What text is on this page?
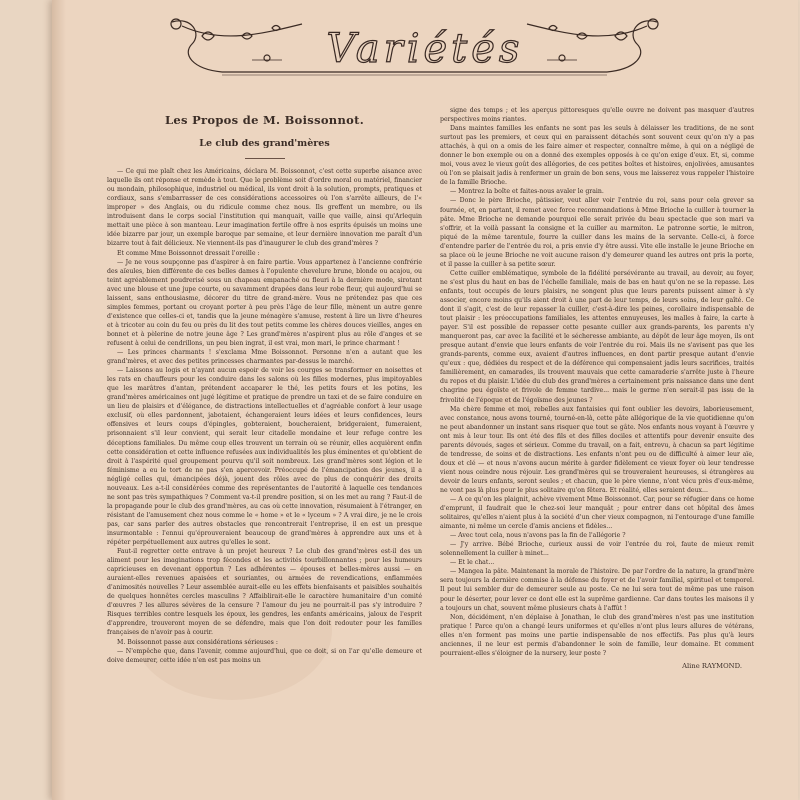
Variétés
Les Propos de M. Boissonnot.
Le club des grand'mères

— Ce qui me plaît chez les Américains, déclara M. Boissonnot, c'est cette superbe aisance avec laquelle ils ont réponse et remède à tout. Que le problème soit d'ordre moral ou matériel, financier ou mondain, philosophique, industriel ou médical, ils vont droit à la solution, prompts, pratiques et cordiaux, sans s'embarrasser de ces considérations accessoires où l'on s'arrête ailleurs, de l'« improper » des Anglais, ou du ridicule comme chez nous. Ils greffent un membre, ou ils introduisent dans le corps social l'institution qui manquait, vaille que vaille, ainsi qu'Arlequin mettait une pièce à son manteau. Leur imagination fertile offre à nos esprits épuisés un moins une idée bizarre par jour, un exemple baroque par semaine, et leur dernière innovation me paraît d'un bizarre tout à fait délicieux. Ne viennent-ils pas d'inaugurer le club des grand'mères ?

Et comme Mme Boissonnot dressait l'oreille :

— Je ne vous soupçonne pas d'aspirer à en faire partie. Vous appartenez à l'ancienne confrérie des aïeules, bien différente de ces belles dames à l'opulente chevelure brune, blonde ou acajou, ou teint agréablement poudrerisé sous un chapeau empanaché ou fleuri à la dernière mode, sirotant avec une blouse et une jupe courte, ou savamment drapées dans leur robe fleur, qui aujourd'hui se laissent, sans enthousiasme, décorer du titre de grand-mère. Vous ne prétendez pas que ces simples femmes, portant ou croyant porter à peu près l'âge de leur fille, mènent un autre genre d'existence que celles-ci et, tandis que la jeune ménagère s'amuse, restent à lire un livre d'heures et à tricoter au coin du feu ou près du lit des tout petits comme les chères douces vieilles, anges en bonnet et à pèlerine de notre jeune âge ? Les grand'mères n'aspirent plus au rôle d'anges et se refusent à celui de cendrillons, un peu bien ingrat, il est vrai, mon mari, le prince charmant !

— Les princes charmants ! s'exclama Mme Boissonnot. Personne n'en a autant que les grand'mères, et avec des petites princesses charmantes par-dessus le marché.

— Laissons au logis et n'ayant aucun espoir de voir les courges se transformer en noisettes et les rats en chauffeurs pour les conduire dans les salons où les filles modernes, plus impitoyables que les marâtres d'antan, prétendent accaparer le thé, les petits fours et les potins, les grand'mères américaines ont jugé légitime et pratique de prendre un taxi et de se faire conduire en un lieu de plaisirs et d'élégance, de distractions intellectuelles et d'agréable confort à leur usage exclusif, où elles pardonnent, jabotaient, échangeraient leurs idées et leurs confidences, leurs offensives et leurs coups d'épingles, gobteraient, boucheraient, bridgeraient, fumeraient, prisonnaient s'il leur convient, qui serait leur citadelle mondaine et leur refuge contre les déceptions familiales. Du même coup elles trouvent un terrain où se réunir, elles acquièrent enfin cette considération et cette influence refusées aux individualités les plus éminentes et qu'obtient de droit à l'aspérité quel groupement pourvu qu'il soit nombreux. Les grand'mères sont légion et le féminisme a eu le tort de ne pas s'en apercevoir. Préoccupé de l'émancipation des jeunes, il a négligé celles qui, émancipées déjà, jouent des rôles avec de plus de conquérir des droits nouveaux. Les a-t-il considérées comme des représentantes de l'autorité à laquelle ces tendances ne sont pas très sympathiques ? Comment va-t-il prendre position, si on les met au rang ? Faut-il de la propagande pour le club des grand'mères, au cas où cette innovation, résumaient à l'étranger, en résistant de l'amusement chez nous comme le « home » et le « lyceum » ? A vrai dire, je ne le crois pas, car sans parler des autres obstacles que rencontrerait l'entreprise, il en est un presque insurmontable : l'ennui qu'éprouveraient beaucoup de grand'mères à apprendre aux uns et à répéter perpétuellement aux autres qu'elles le sont.

Faut-il regretter cette entrave à un projet heureux ? Le club des grand'mères est-il des un aliment pour les imaginations trop fécondes et les activités tourbillonnantes ; pour les humeurs capricieuses en devenant opportun ? Les adhérentes — épouses et belles-mères aussi — en auraient-elles revenues apaisées et souriantes, ou armées de revendications, enflammées d'animosités nouvelles ? Leur assemblée aurait-elle eu les effets bienfaisants et paisibles souhaités de quelques honnêtes cercles masculins ? Affaiblirait-elle le caractère humanitaire d'un comité d'œuvres ? les allures sévères de la censure ? l'amour du jeu ne pourrait-il pas s'y introduire ? Risques terribles contre lesquels les époux, les gendres, les enfants américains, jaloux de l'esprit d'apprendre, trouveront moyen de se défendre, mais que l'on doit redouter pour les familles françaises de n'avoir pas à courir.

M. Boissonnot passe aux considérations sérieuses :

— N'empêche que, dans l'avenir, comme aujourd'hui, que ce doit, si on l'ar qu'elle demeure et doive demeurer, cette idée n'en est pas moins un

signe des temps ; et les aperçus pittoresques qu'elle ouvre ne doivent pas masquer d'autres perspectives moins riantes.

Dans maintes familles les enfants ne sont pas les seuls à délaisser les traditions, de ne sont surtout pas les premiers, et ceux qui en paraissent détachés sont souvent ceux qu'on n'y a pas attachés, à qui on a omis de les faire aimer et respecter, connaître même, à qui on a négligé de donner le bon exemple ou on a donné des exemples opposés à ce qu'on exige d'eux. Et, si, comme moi, vous avez le vieux goût des allégories, de ces petites boîtes et histoires, enjolivées, amusantes où l'on se plaisait jadis à renfermer un grain de bon sens, vous me laisserez vous rappeler l'histoire de la famille Brioche.

— Montrez la boîte et faites-nous avaler le grain.

— Donc le père Brioche, pâtissier, veut aller voir l'entrée du roi, sans pour cela grever sa fournée, et, en partant, il remet avec force recommandations à Mme Brioche la cuiller à tourner la pâte. Mme Brioche ne demande pourquoi elle serait privée du beau spectacle que son mari va s'offrir, et la voilà passant la consigne et la cuiller au marmiton. Le patronne sortie, le mitron, piqué de la même tarentule, fourre la cuiller dans les mains de la servante. Celle-ci, à force d'entendre parler de l'entrée du roi, a pris envie d'y être aussi. Vite elle installe le jeune Brioche en sa place où le jeune Brioche ne voit aucune raison d'y demeurer quand les autres ont pris la porte, et il passe la cuiller à sa petite sœur.

Cette cuiller emblématique, symbole de la fidélité persévérante au travail, au devoir, au foyer, ne s'est plus du haut en bas de l'échelle familiale, mais de bas en haut qu'on ne se la repasse. Les enfants, tout occupés de leurs plaisirs, ne songent plus que leurs parents puissent aimer à s'y associer, encore moins qu'ils aient droit à une part de leur temps, de leurs soins, de leur gaîté. Ce dont il s'agit, c'est de leur repasser la cuiller, c'est-à-dire les peines, corollaire indispensable de tout plaisir : les préoccupations familiales, les attentes ennuyeuses, les malles à faire, la carte à payer. S'il est possible de repasser cette pesante cuiller aux grands-parents, les parents n'y manqueront pas, car avec la facilité et le sécheresse ambiante, au dépôt de leur âge moyen, ils ont presque autant d'envie que leurs enfants de voir l'entrée du roi. Mais ils ne s'avisent pas que les grands-parents, comme eux, avaient d'autres influences, en dont partir presque autant d'envie qu'eux : que, dédiées du respect et de la déférence qui compensaient jadis leurs sacrifices, traités familièrement, en camarades, ils trouvent mauvais que cette camaraderie s'arrête juste à l'heure du repos et du plaisir. L'idée du club des grand'mères a certainement pris naissance dans une dent chagrine peu égoïste et frivole de femme tardive... mais le germe n'en serait-il pas issu de la frivolité de l'époque et de l'égoïsme des jeunes ?

Ma chère femme et moi, rebelles aux fantaisies qui font oublier les devoirs, laborieusement, avec constance, nous avons tourné, tourné-en-là, cette pâte allégorique de la vie quotidienne qu'on ne peut abandonner un instant sans risquer que tout se gâte. Nos enfants nous voyant à l'œuvre y ont mis à leur tour. Ils ont été des fils et des filles dociles et attentifs pour devenir ensuite des parents dévoués, sages et sérieux. Comme du travail, on a fait, entrevu, à chacun sa part légitime de tendresse, de soins et de distractions. Les enfants n'ont peu ou de difficulté à aimer leur aïe, doux et clé — et nous n'avons aucun mérite à garder fidèlement ce vieux foyer où leur tendresse vient nous ceindre nous réjouir. Les grand'mères qui se trouveraient heureuses, si étrangères au devoir de leurs enfants, seront seules ; et chacun, que le père vienne, n'ont vécu près d'eux-même, ne vont pas là plus pour le plus solitaire qu'on fêtera. Et réalité, elles seraient deux...

— A ce qu'on les plaignit, achève vivement Mme Boissonnot. Car, pour se réfugier dans ce home d'emprunt, il faudrait que le chez-soi leur manquât ; pour entrer dans cet hôpital des âmes solitaires, qu'elles n'aient plus à la société d'un cher vieux compagnon, ni l'entourage d'une famille aimante, ni même un cercle d'amis anciens et fidèles...

— Avec tout cela, nous n'avons pas la fin de l'allégorie ?

— J'y arrive. Bébé Brioche, curieux aussi de voir l'entrée du roi, faute de mieux remit solennellement la cuiller à minet...

— Et le chat...

— Mangea la pâte. Maintenant la morale de l'histoire. De par l'ordre de la nature, la grand'mère sera toujours la dernière commise à la défense du foyer et de l'avoir familial, spirituel et temporel. Il peut lui sembler dur de demeurer seule au poste. Ce ne lui sera tout de même pas une raison pour le déserter, pour lever ce dont elle est la suprême gardienne. Car dans toutes les maisons il y a toujours un chat, souvent même plusieurs chats à l'affût !

Non, décidément, n'en déplaise à Jonathan, le club des grand'mères n'est pas une institution pratique ! Parce qu'on a changé leurs uniformes et qu'elles n'ont plus leurs allures de vétérans, elles n'en forment pas moins une partie indispensable de nos effectifs. Pas plus qu'à leurs anciennes, il ne leur est permis d'abandonner le soin de famille, leur domaine. Et comment pourraient-elles s'éloigner de la nursery, leur poste ?

Aline RAYMOND.
